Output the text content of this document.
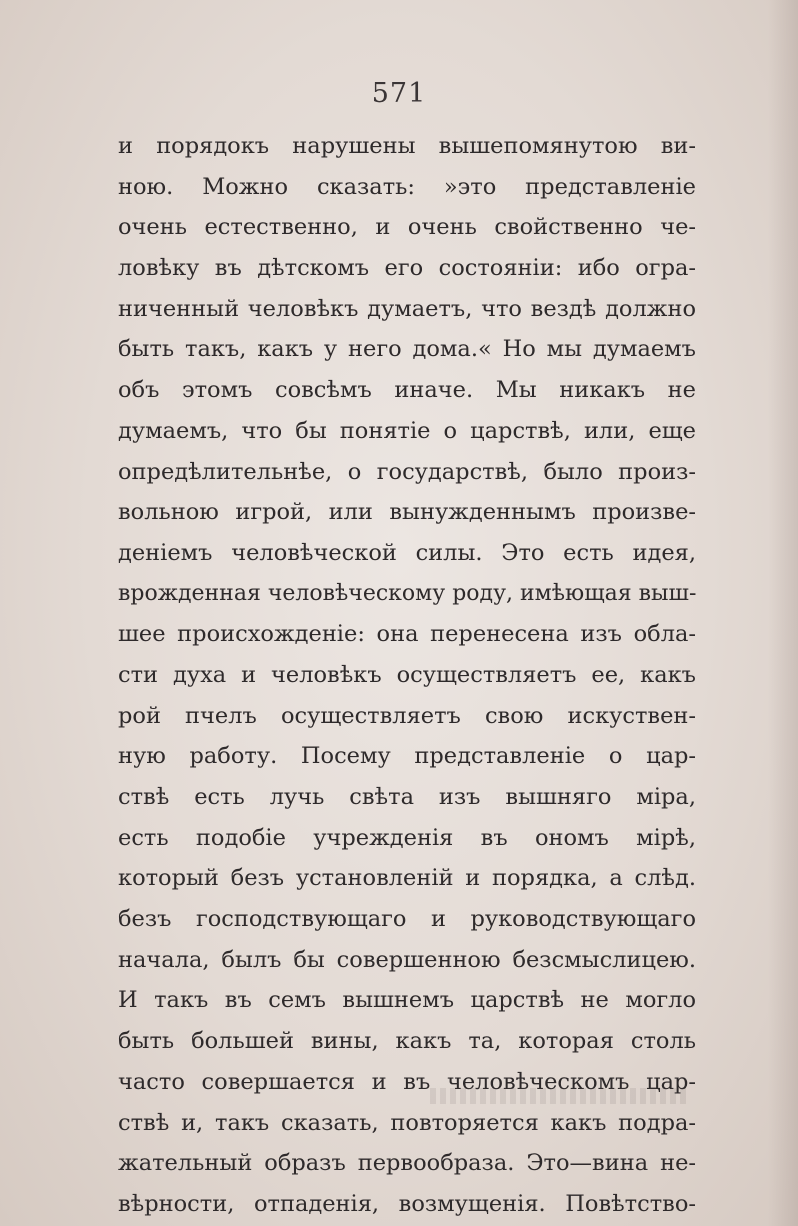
571
и порядокъ нарушены вышепомянутою ви-
ною. Можно сказать: »это представленіе
очень естественно, и очень свойственно че-
ловѣку въ дѣтскомъ его состояніи: ибо огра-
ниченный человѣкъ думаетъ, что вездѣ должно
быть такъ, какъ у него дома.« Но мы думаемъ
объ этомъ совсѣмъ иначе. Мы никакъ не
думаемъ, что бы понятіе о царствѣ, или, еще
опредѣлительнѣе, о государствѣ, было произ-
вольною игрой, или вынужденнымъ произве-
деніемъ человѣческой силы. Это есть идея,
врожденная человѣческому роду, имѣющая выш-
шее происхожденіе: она перенесена изъ обла-
сти духа и человѣкъ осуществляетъ ее, какъ
рой пчелъ осуществляетъ свою искуствен-
ную работу. Посему представленіе о цар-
ствѣ есть лучь свѣта изъ вышняго міра,
есть подобіе учрежденія въ ономъ мірѣ,
который безъ установленій и порядка, а слѣд.
безъ господствующаго и руководствующаго
начала, былъ бы совершенною безсмыслицею.
И такъ въ семъ вышнемъ царствѣ не могло
быть большей вины, какъ та, которая столь
часто совершается и въ человѣческомъ цар-
ствѣ и, такъ сказать, повторяется какъ подра-
жательный образъ первообраза. Это—вина не-
вѣрности, отпаденія, возмущенія. Повѣтство-
